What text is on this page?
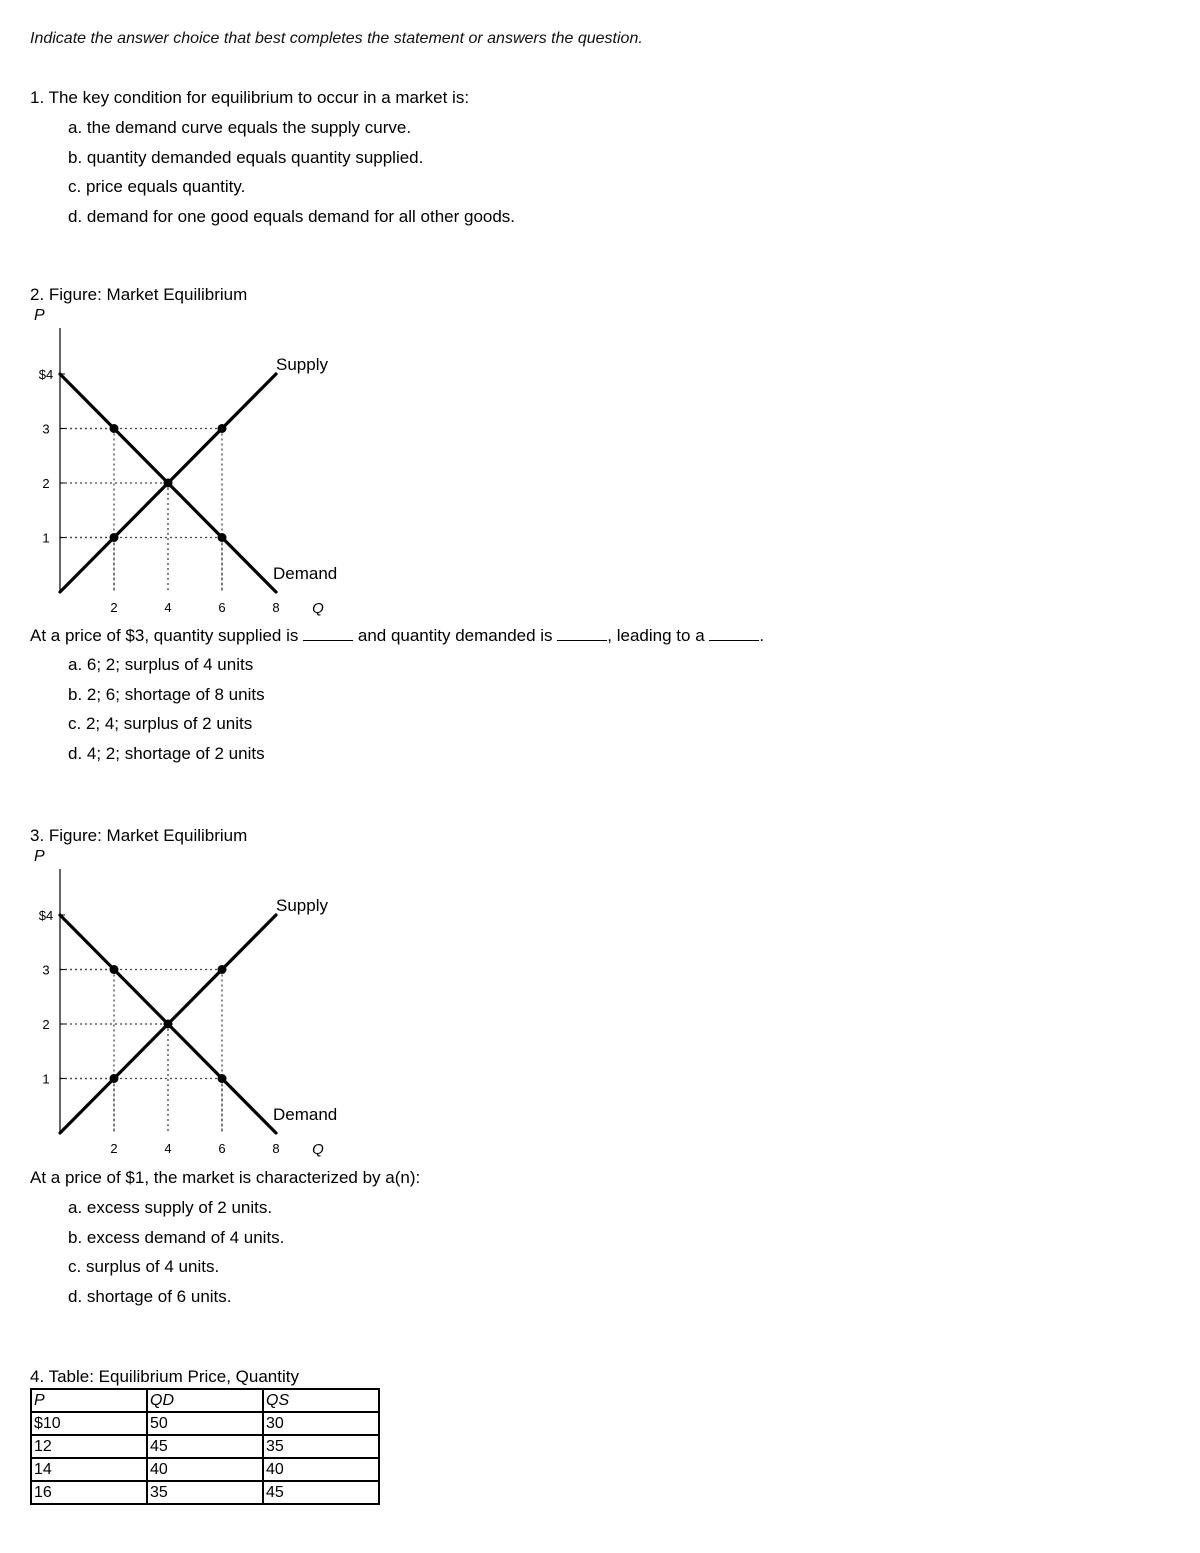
Indicate the answer choice that best completes the statement or answers the question.

1. The key condition for equilibrium to occur in a market is:

a. the demand curve equals the supply curve.
b. quantity demanded equals quantity supplied.
c. price equals quantity.
d. demand for one good equals demand for all other goods.

2. Figure: Market Equilibrium

P
$4
3
2
1
2	4	6	8 Q
Supply
Demand
At a price of $3, quantity supplied is	and quantity demanded is	, leading to a	.
a. 6; 2; surplus of 4 units
b. 2; 6; shortage of 8 units
c. 2; 4; surplus of 2 units
d. 4; 2; shortage of 2 units

3. Figure: Market Equilibrium

P
$4
3
2
1
2	4	6	8 Q
Supply
Demand

At a price of $1, the market is characterized by a(n):

a. excess supply of 2 units.
b. excess demand of 4 units.
c. surplus of 4 units.
d. shortage of 6 units.

4. Table: Equilibrium Price, Quantity

P	QD	QS
$10	50	30
12	45	35
14	40	40
16	35	45
